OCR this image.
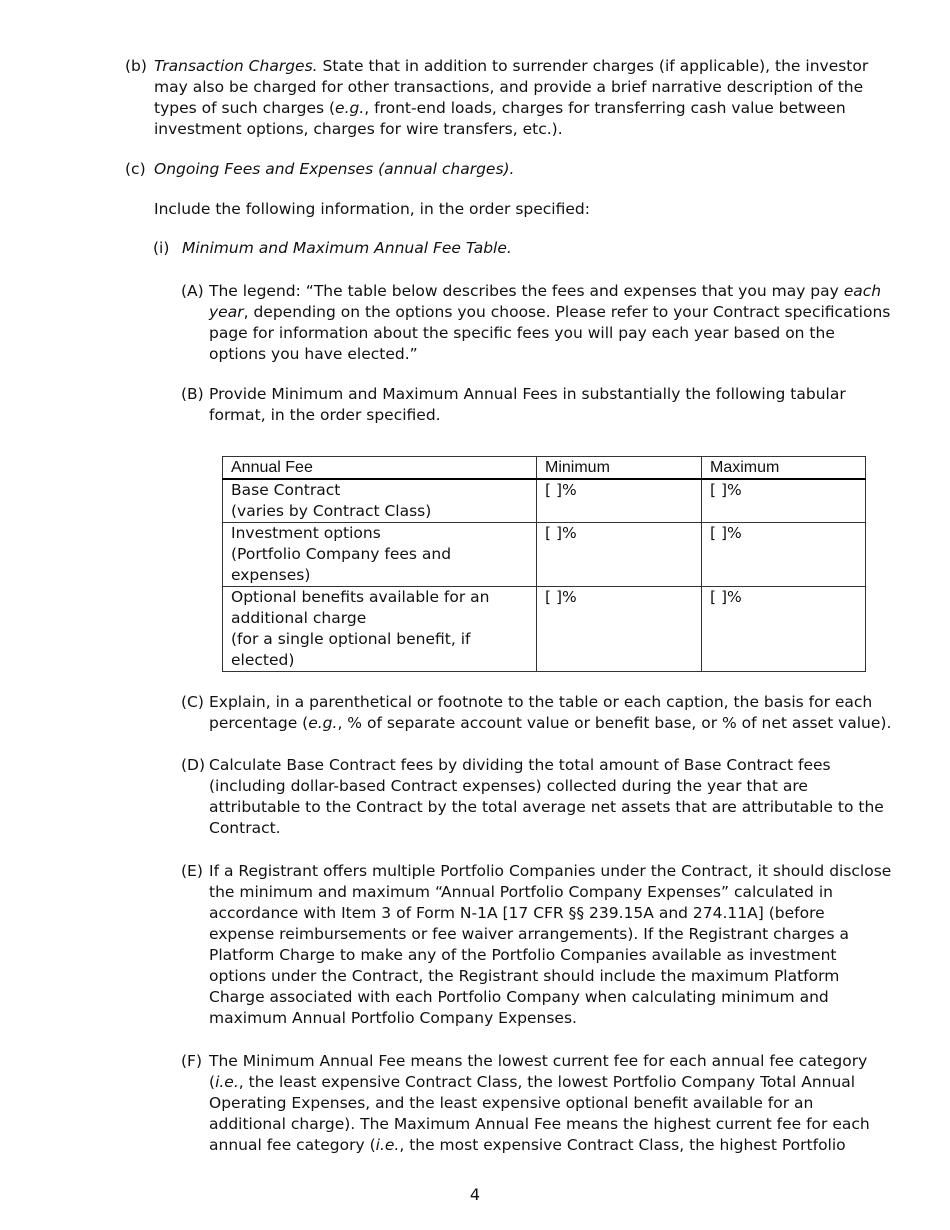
(b) Transaction Charges. State that in addition to surrender charges (if applicable), the investor may also be charged for other transactions, and provide a brief narrative description of the types of such charges (e.g., front-end loads, charges for transferring cash value between investment options, charges for wire transfers, etc.).

(c) Ongoing Fees and Expenses (annual charges).

Include the following information, in the order specified:

(i) Minimum and Maximum Annual Fee Table.

(A) The legend: “The table below describes the fees and expenses that you may pay each year, depending on the options you choose. Please refer to your Contract specifications page for information about the specific fees you will pay each year based on the options you have elected.”

(B) Provide Minimum and Maximum Annual Fees in substantially the following tabular format, in the order specified.

Annual Fee	Minimum	Maximum
Base Contract
(varies by Contract Class)	[ ]%	[ ]%
Investment options
(Portfolio Company fees and expenses)	[ ]%	[ ]%
Optional benefits available for an additional charge
(for a single optional benefit, if elected)	[ ]%	[ ]%
(C) Explain, in a parenthetical or footnote to the table or each caption, the basis for each percentage (e.g., % of separate account value or benefit base, or % of net asset value).

(D) Calculate Base Contract fees by dividing the total amount of Base Contract fees (including dollar-based Contract expenses) collected during the year that are attributable to the Contract by the total average net assets that are attributable to the Contract.

(E) If a Registrant offers multiple Portfolio Companies under the Contract, it should disclose the minimum and maximum “Annual Portfolio Company Expenses” calculated in accordance with Item 3 of Form N-1A [17 CFR §§ 239.15A and 274.11A] (before expense reimbursements or fee waiver arrangements). If the Registrant charges a Platform Charge to make any of the Portfolio Companies available as investment options under the Contract, the Registrant should include the maximum Platform Charge associated with each Portfolio Company when calculating minimum and maximum Annual Portfolio Company Expenses.

(F) The Minimum Annual Fee means the lowest current fee for each annual fee category (i.e., the least expensive Contract Class, the lowest Portfolio Company Total Annual Operating Expenses, and the least expensive optional benefit available for an additional charge). The Maximum Annual Fee means the highest current fee for each annual fee category (i.e., the most expensive Contract Class, the highest Portfolio

4
